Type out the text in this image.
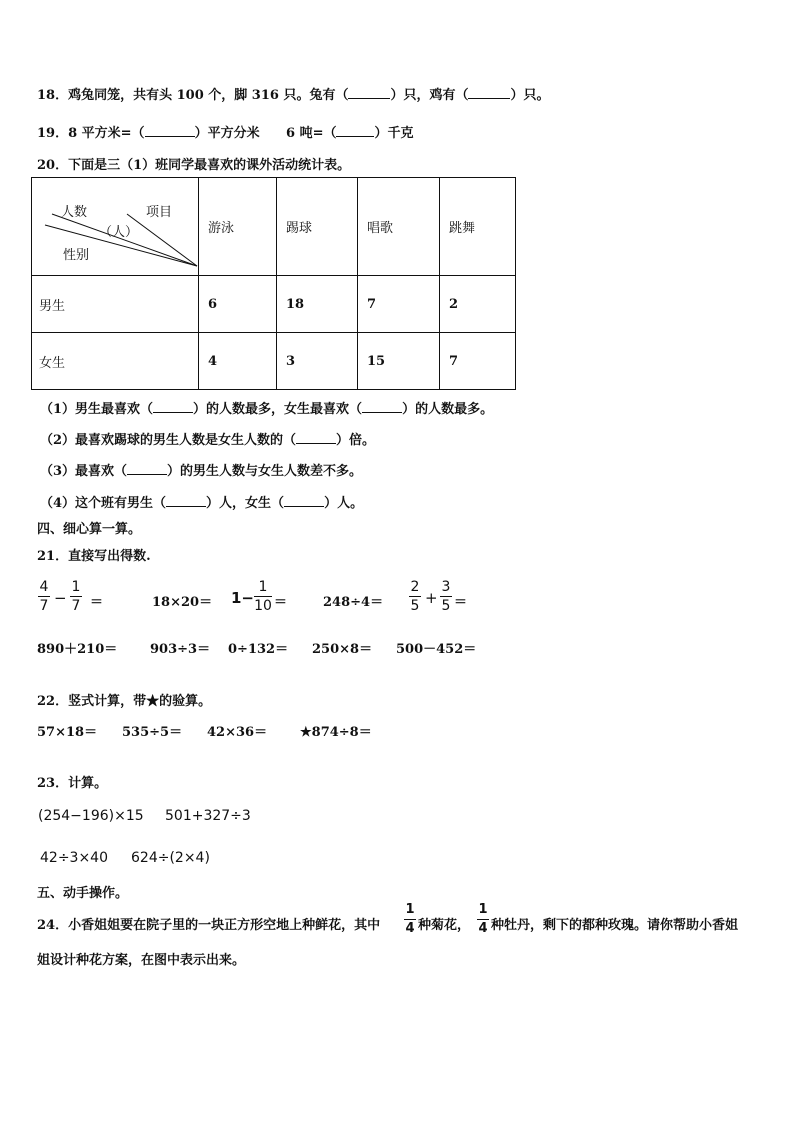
18．鸡兔同笼，共有头 100 个，脚 316 只。兔有（	）只，鸡有（	）只。
19．8 平方米=（	）平方分米 6 吨=（	）千克
20．下面是三（1）班同学最喜欢的课外活动统计表。
人数 项目
（人）
性别	游泳	踢球	唱歌	跳舞
男生	6	18	7	2
女生	4	3	15	7
（1）男生最喜欢（	）的人数最多，女生最喜欢（	）的人数最多。
（2）最喜欢踢球的男生人数是女生人数的（	）倍。
（3）最喜欢（	）的男生人数与女生人数差不多。
（4）这个班有男生（	）人，女生（	）人。
四、细心算一算。
21．直接写出得数.
4
7 −
1
7 ＝	18×20＝ 1−
1
10 ＝	248÷4＝
2
5 +
3
5 ＝
890＋210＝	903÷3＝ 0÷132＝ 250×8＝ 500－452＝
22．竖式计算，带★的验算。
57×18＝ 535÷5＝ 42×36＝	★874÷8＝
23．计算。
(254−196)×15 501+327÷3
42÷3×40 624÷(2×4)
五、动手操作。
24．小香姐姐要在院子里的一块正方形空地上种鲜花，其中
1
4 种菊花，
1
4 种牡丹，剩下的都种玫瑰。请你帮助小香姐
姐设计种花方案，在图中表示出来。
